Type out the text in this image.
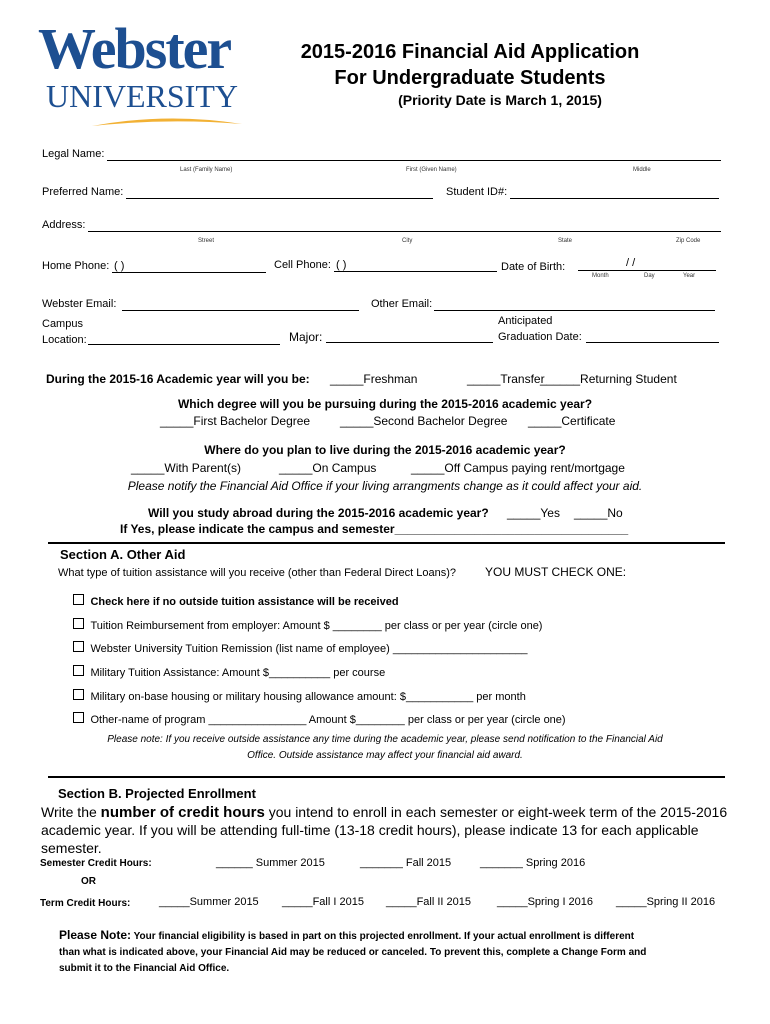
Webster
UNIVERSITY
2015-2016 Financial Aid Application
For Undergraduate Students
(Priority Date is March 1, 2015)
Legal Name:
Last (Family Name)	First (Given Name)	Middle
Preferred Name:	Student ID#:
Address:
Street	City	State	Zip Code
Home Phone: ( )	Cell Phone: ( )	Date of Birth:	/ /
Month	Day	Year
Webster Email:	Other Email:
Campus
Location:	Major:
Anticipated
Graduation Date:
During the 2015-16 Academic year will you be: _____Freshman	_____Transfer
______Returning Student
Which degree will you be pursuing during the 2015-2016 academic year?
_____First Bachelor Degree _____Second Bachelor Degree _____Certificate
Where do you plan to live during the 2015-2016 academic year?
_____With Parent(s)	_____On Campus	_____Off Campus paying rent/mortgage
Please notify the Financial Aid Office if your living arrangments change as it could affect your aid.
Will you study abroad during the 2015-2016 academic year? _____Yes _____No
If Yes, please indicate the campus and semester___________________________________
Section A. Other Aid
What type of tuition assistance will you receive (other than Federal Direct Loans)? YOU MUST CHECK ONE:
Check here if no outside tuition assistance will be received
Tuition Reimbursement from employer: Amount $ ________ per class or per year (circle one)
Webster University Tuition Remission (list name of employee) ______________________
Military Tuition Assistance: Amount $__________ per course
Military on-base housing or military housing allowance amount: $___________ per month
Other-name of program ________________ Amount $________ per class or per year (circle one)
Please note: If you receive outside assistance any time during the academic year, please send notification to the Financial Aid
Office. Outside assistance may affect your financial aid award.
Section B. Projected Enrollment
Write the number of credit hours you intend to enroll in each semester or eight-week term of the 2015-2016
academic year. If you will be attending full-time (13-18 credit hours), please indicate 13 for each applicable
semester.
Semester Credit Hours:	______ Summer 2015	_______ Fall 2015	_______ Spring 2016
OR
Term Credit Hours:	_____Summer 2015 _____Fall I 2015 _____Fall II 2015 _____Spring I 2016 _____Spring II 2016
Please Note: Your financial eligibility is based in part on this projected enrollment. If your actual enrollment is different
than what is indicated above, your Financial Aid may be reduced or canceled. To prevent this, complete a Change Form and
submit it to the Financial Aid Office.
